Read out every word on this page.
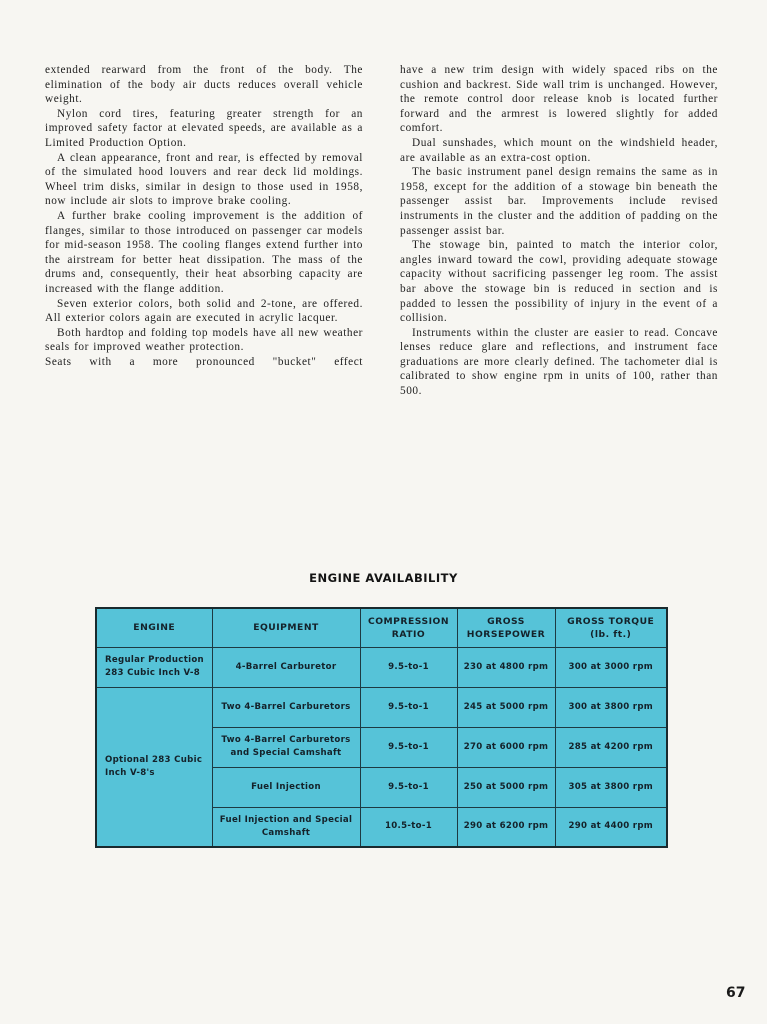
extended rearward from the front of the body. The elimination of the body air ducts reduces overall vehicle weight.

Nylon cord tires, featuring greater strength for an improved safety factor at elevated speeds, are available as a Limited Production Option.

A clean appearance, front and rear, is effected by removal of the simulated hood louvers and rear deck lid moldings. Wheel trim disks, similar in design to those used in 1958, now include air slots to improve brake cooling.

A further brake cooling improvement is the addition of flanges, similar to those introduced on passenger car models for mid-season 1958. The cooling flanges extend further into the airstream for better heat dissipation. The mass of the drums and, consequently, their heat absorbing capacity are increased with the flange addition.

Seven exterior colors, both solid and 2-tone, are offered. All exterior colors again are executed in acrylic lacquer.

Both hardtop and folding top models have all new weather seals for improved weather protection.

Seats with a more pronounced "bucket" effect

have a new trim design with widely spaced ribs on the cushion and backrest. Side wall trim is unchanged. However, the remote control door release knob is located further forward and the armrest is lowered slightly for added comfort.

Dual sunshades, which mount on the windshield header, are available as an extra-cost option.

The basic instrument panel design remains the same as in 1958, except for the addition of a stowage bin beneath the passenger assist bar. Improvements include revised instruments in the cluster and the addition of padding on the passenger assist bar.

The stowage bin, painted to match the interior color, angles inward toward the cowl, providing adequate stowage capacity without sacrificing passenger leg room. The assist bar above the stowage bin is reduced in section and is padded to lessen the possibility of injury in the event of a collision.

Instruments within the cluster are easier to read. Concave lenses reduce glare and reflections, and instrument face graduations are more clearly defined. The tachometer dial is calibrated to show engine rpm in units of 100, rather than 500.

ENGINE AVAILABILITY
ENGINE	EQUIPMENT	COMPRESSION RATIO	GROSS HORSEPOWER	GROSS TORQUE (lb. ft.)
Regular Production 283 Cubic Inch V-8	4-Barrel Carburetor	9.5-to-1	230 at 4800 rpm	300 at 3000 rpm
Optional 283 Cubic Inch V-8's	Two 4-Barrel Carburetors	9.5-to-1	245 at 5000 rpm	300 at 3800 rpm
	Two 4-Barrel Carburetors and Special Camshaft	9.5-to-1	270 at 6000 rpm	285 at 4200 rpm
	Fuel Injection	9.5-to-1	250 at 5000 rpm	305 at 3800 rpm
	Fuel Injection and Special Camshaft	10.5-to-1	290 at 6200 rpm	290 at 4400 rpm
67
